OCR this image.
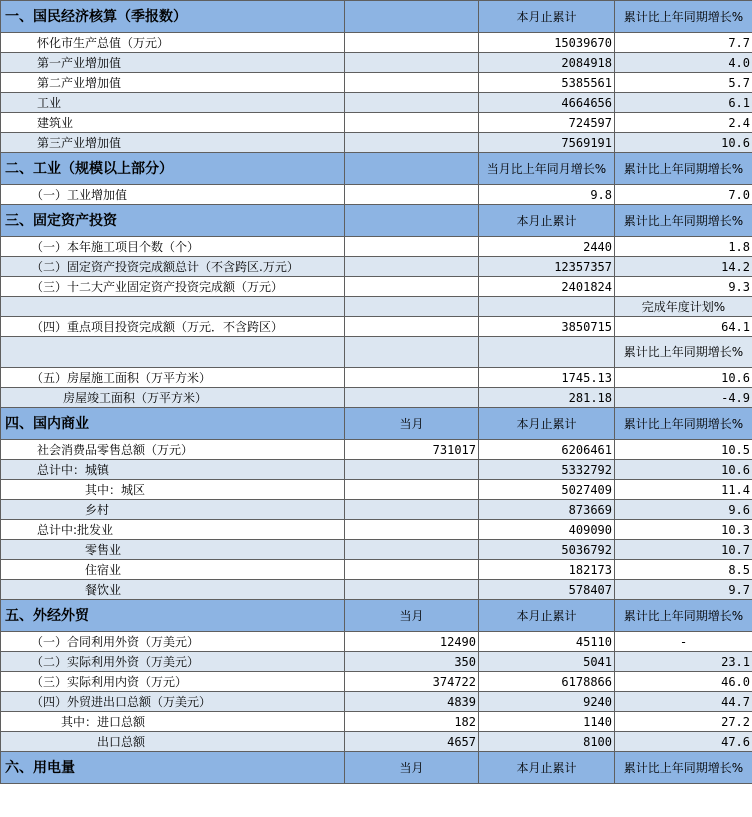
一、国民经济核算（季报数）		本月止累计	累计比上年同期增长%
怀化市生产总值（万元）		15039670	7.7
第一产业增加值		2084918	4.0
第二产业增加值		5385561	5.7
工业		4664656	6.1
建筑业		724597	2.4
第三产业增加值		7569191	10.6
二、工业（规模以上部分）		当月比上年同月增长%	累计比上年同期增长%
（一）工业增加值		9.8	7.0
三、固定资产投资		本月止累计	累计比上年同期增长%
（一）本年施工项目个数（个）		2440	1.8
（二）固定资产投资完成额总计（不含跨区.万元）		12357357	14.2
（三）十二大产业固定资产投资完成额（万元）		2401824	9.3
			完成年度计划%
（四）重点项目投资完成额（万元．不含跨区）		3850715	64.1
			累计比上年同期增长%
（五）房屋施工面积（万平方米）		1745.13	10.6
房屋竣工面积（万平方米）		281.18	-4.9
四、国内商业	当月	本月止累计	累计比上年同期增长%
社会消费品零售总额（万元）	731017	6206461	10.5
总计中：城镇		5332792	10.6
其中：城区		5027409	11.4
乡村		873669	9.6
总计中:批发业		409090	10.3
零售业		5036792	10.7
住宿业		182173	8.5
餐饮业		578407	9.7
五、外经外贸	当月	本月止累计	累计比上年同期增长%
（一）合同利用外资（万美元）	12490	45110	-
（二）实际利用外资（万美元）	350	5041	23.1
（三）实际利用内资（万元）	374722	6178866	46.0
（四）外贸进出口总额（万美元）	4839	9240	44.7
其中：进口总额	182	1140	27.2
出口总额	4657	8100	47.6
六、用电量	当月	本月止累计	累计比上年同期增长%
